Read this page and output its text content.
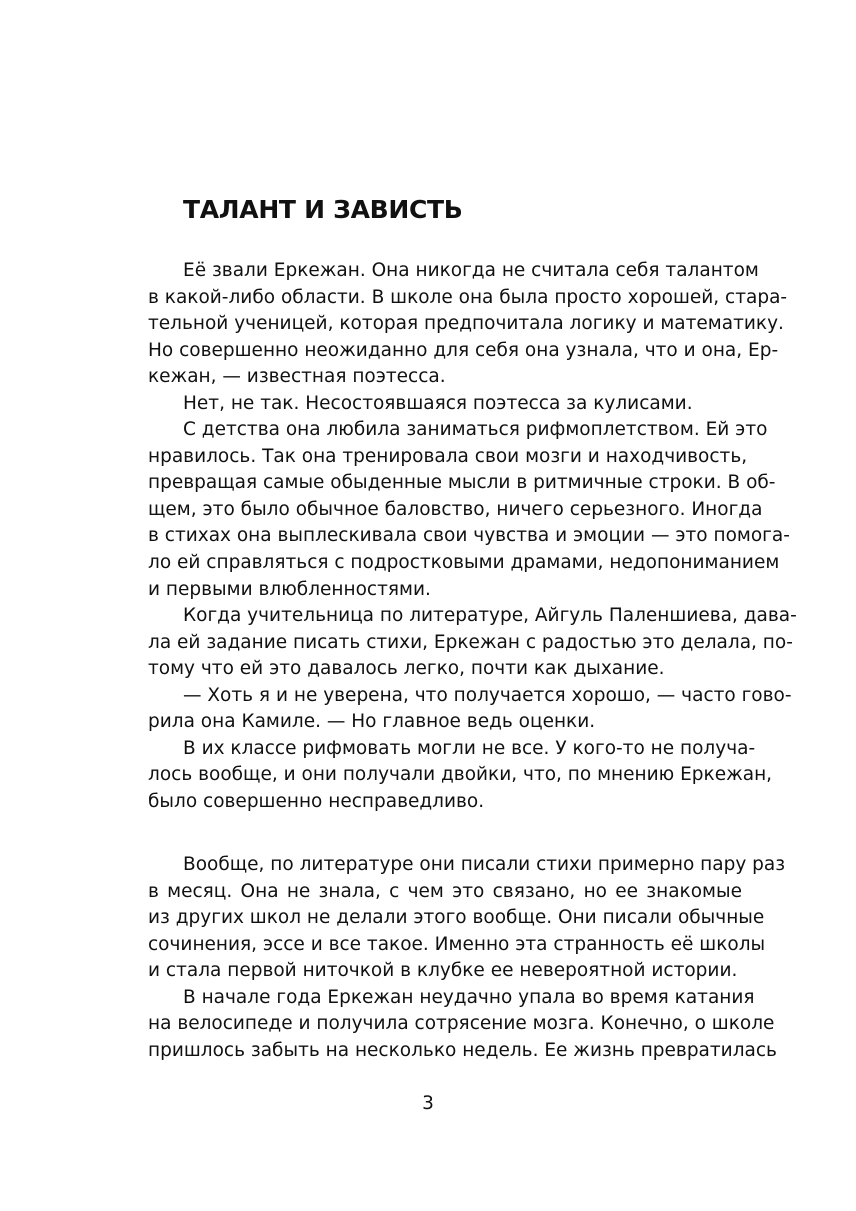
ТАЛАНТ И ЗАВИСТЬ
Её звали Еркежан. Она никогда не считала себя талантом
в какой-либо области. В школе она была просто хорошей, стара-
тельной ученицей, которая предпочитала логику и математику.
Но совершенно неожиданно для себя она узнала, что и она, Ер-
кежан, — известная поэтесса.
Нет, не так. Несостоявшаяся поэтесса за кулисами.
С детства она любила заниматься рифмоплетством. Ей это
нравилось. Так она тренировала свои мозги и находчивость,
превращая самые обыденные мысли в ритмичные строки. В об-
щем, это было обычное баловство, ничего серьезного. Иногда
в стихах она выплескивала свои чувства и эмоции — это помога-
ло ей справляться с подростковыми драмами, недопониманием
и первыми влюбленностями.
Когда учительница по литературе, Айгуль Паленшиева, дава-
ла ей задание писать стихи, Еркежан с радостью это делала, по-
тому что ей это давалось легко, почти как дыхание.
— Хоть я и не уверена, что получается хорошо, — часто гово-
рила она Камиле. — Но главное ведь оценки.
В их классе рифмовать могли не все. У кого-то не получа-
лось вообще, и они получали двойки, что, по мнению Еркежан,
было совершенно несправедливо.
Вообще, по литературе они писали стихи примерно пару раз
в месяц. Она не знала, с чем это связано, но ее знакомые
из других школ не делали этого вообще. Они писали обычные
сочинения, эссе и все такое. Именно эта странность её школы
и стала первой ниточкой в клубке ее невероятной истории.
В начале года Еркежан неудачно упала во время катания
на велосипеде и получила сотрясение мозга. Конечно, о школе
пришлось забыть на несколько недель. Ее жизнь превратилась
3
